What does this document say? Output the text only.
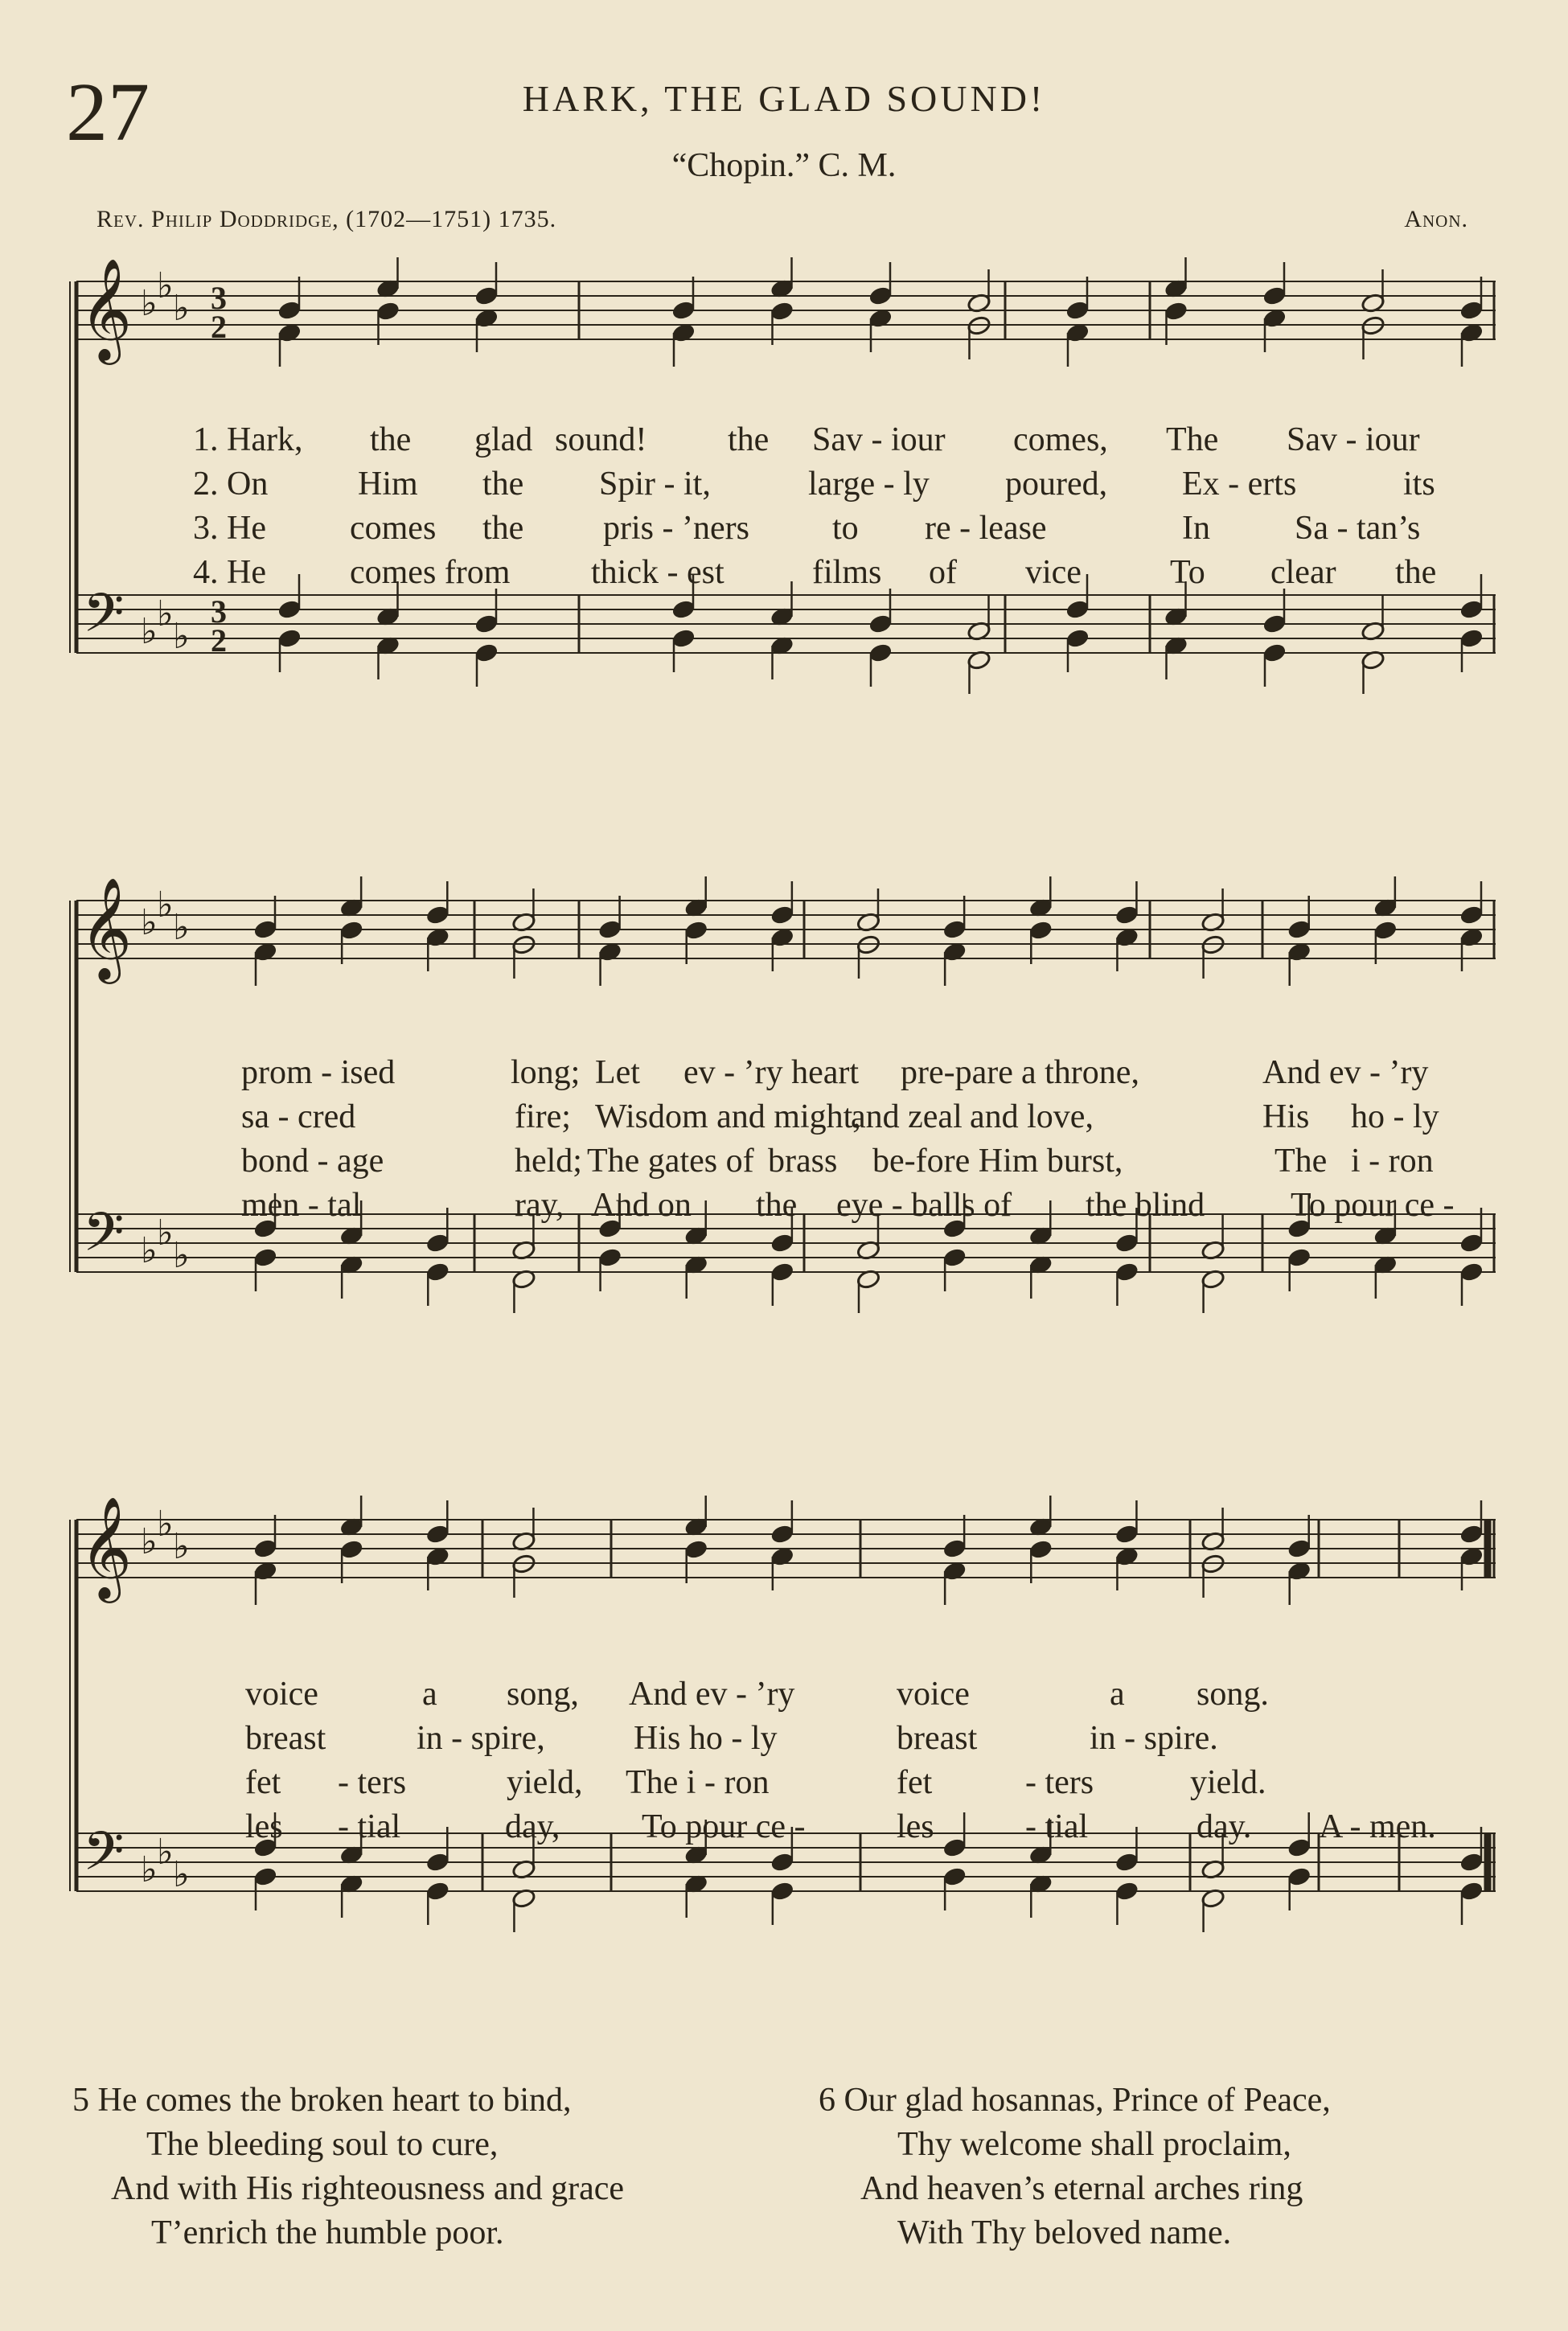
27	HARK, THE GLAD SOUND!
“Chopin.” C. M.
Rev. Philip Doddridge, (1702—1751) 1735.	Anon.
𝄞
𝄢
♭ ♭
♭
♭ ♭
♭
3
2
3
2
𝄞
𝄢
♭ ♭
♭
♭ ♭
♭
𝄞
𝄢
♭ ♭
♭
♭ ♭
♭
1. Hark, the glad sound! the Sav - iour comes, The Sav - iour
2. On	Him the Spir - it,	large - ly poured, Ex - erts	its
3. He comes the pris - ’ners to re - lease	In	Sa - tan’s
4. He comes from thick - est	films of vice	To clear the
prom - ised	long; Let ev - ’ry heart pre-pare a throne,	And ev - ’ry
sa - cred	fire; Wisdom and might,
and zeal and love,	His ho - ly
bond - age	held; The gates of brass be-fore Him burst,	The i - ron
men - tal	ray, And on the eye - balls of the blind	To pour ce -
voice	a song, And ev - ’ry	voice	a song.
breast	in - spire,	His ho - ly	breast	in - spire.
fet - ters	yield, The i - ron	fet	- ters	yield.
les - tial	day, To pour ce -	les	- tial	day. A - men.
5 He comes the broken heart to bind,
The bleeding soul to cure,
And with His righteousness and grace
T’enrich the humble poor.
6 Our glad hosannas, Prince of Peace,
Thy welcome shall proclaim,
And heaven’s eternal arches ring
With Thy beloved name.
